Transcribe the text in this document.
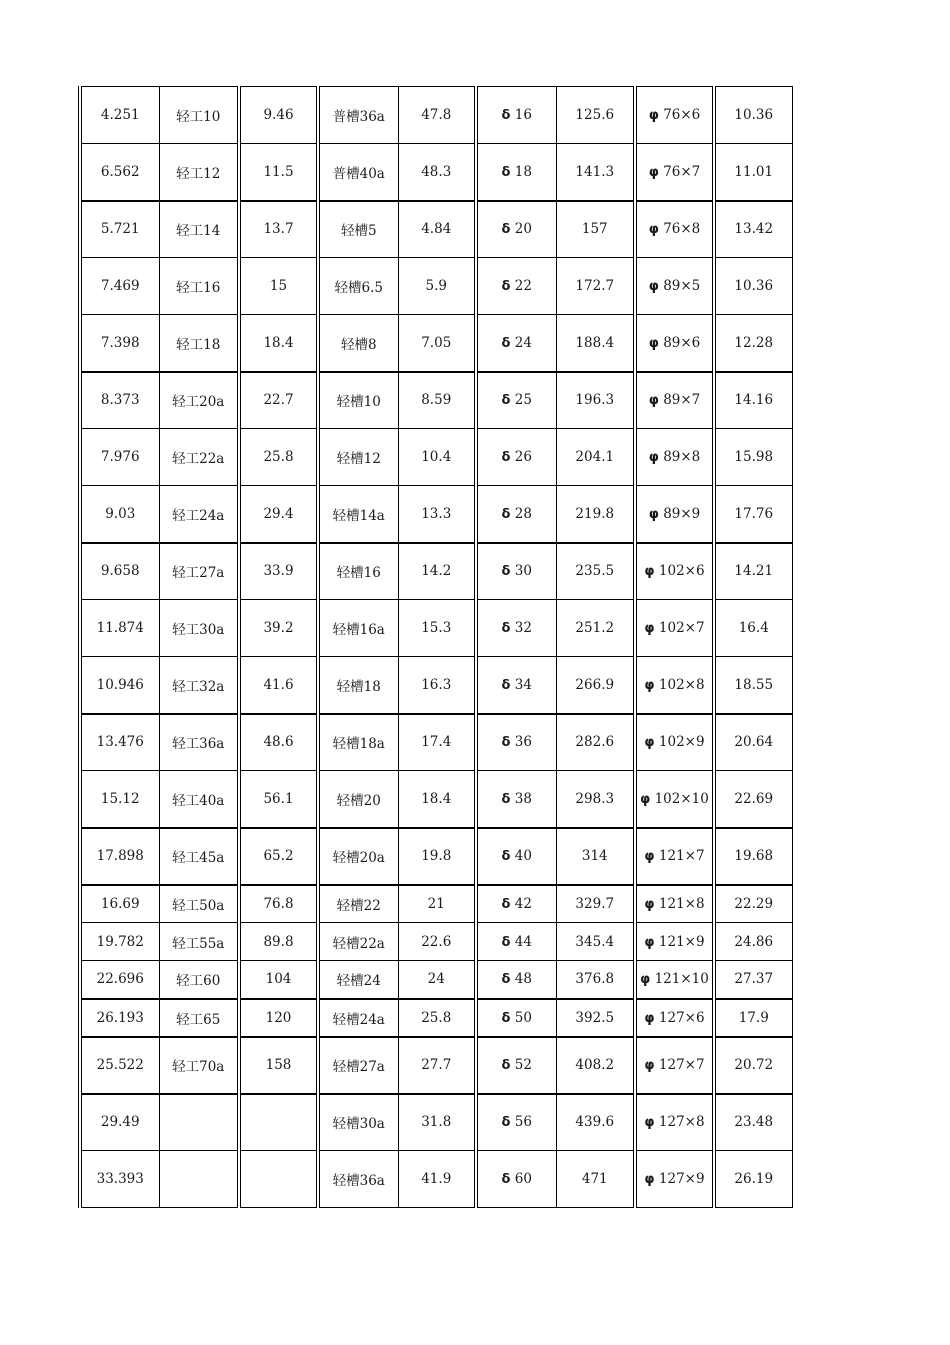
4.251	轻工10	9.46	普槽36a	47.8	δ 16	125.6	φ 76×6	10.36
6.562	轻工12	11.5	普槽40a	48.3	δ 18	141.3	φ 76×7	11.01
5.721	轻工14	13.7	轻槽5	4.84	δ 20	157	φ 76×8	13.42
7.469	轻工16	15	轻槽6.5	5.9	δ 22	172.7	φ 89×5	10.36
7.398	轻工18	18.4	轻槽8	7.05	δ 24	188.4	φ 89×6	12.28
8.373	轻工20a	22.7	轻槽10	8.59	δ 25	196.3	φ 89×7	14.16
7.976	轻工22a	25.8	轻槽12	10.4	δ 26	204.1	φ 89×8	15.98
9.03	轻工24a	29.4	轻槽14a	13.3	δ 28	219.8	φ 89×9	17.76
9.658	轻工27a	33.9	轻槽16	14.2	δ 30	235.5	φ 102×6	14.21
11.874	轻工30a	39.2	轻槽16a	15.3	δ 32	251.2	φ 102×7	16.4
10.946	轻工32a	41.6	轻槽18	16.3	δ 34	266.9	φ 102×8	18.55
13.476	轻工36a	48.6	轻槽18a	17.4	δ 36	282.6	φ 102×9	20.64
15.12	轻工40a	56.1	轻槽20	18.4	δ 38	298.3	φ 102×10	22.69
17.898	轻工45a	65.2	轻槽20a	19.8	δ 40	314	φ 121×7	19.68
16.69	轻工50a	76.8	轻槽22	21	δ 42	329.7	φ 121×8	22.29
19.782	轻工55a	89.8	轻槽22a	22.6	δ 44	345.4	φ 121×9	24.86
22.696	轻工60	104	轻槽24	24	δ 48	376.8	φ 121×10	27.37
26.193	轻工65	120	轻槽24a	25.8	δ 50	392.5	φ 127×6	17.9
25.522	轻工70a	158	轻槽27a	27.7	δ 52	408.2	φ 127×7	20.72
29.49			轻槽30a	31.8	δ 56	439.6	φ 127×8	23.48
33.393			轻槽36a	41.9	δ 60	471	φ 127×9	26.19
